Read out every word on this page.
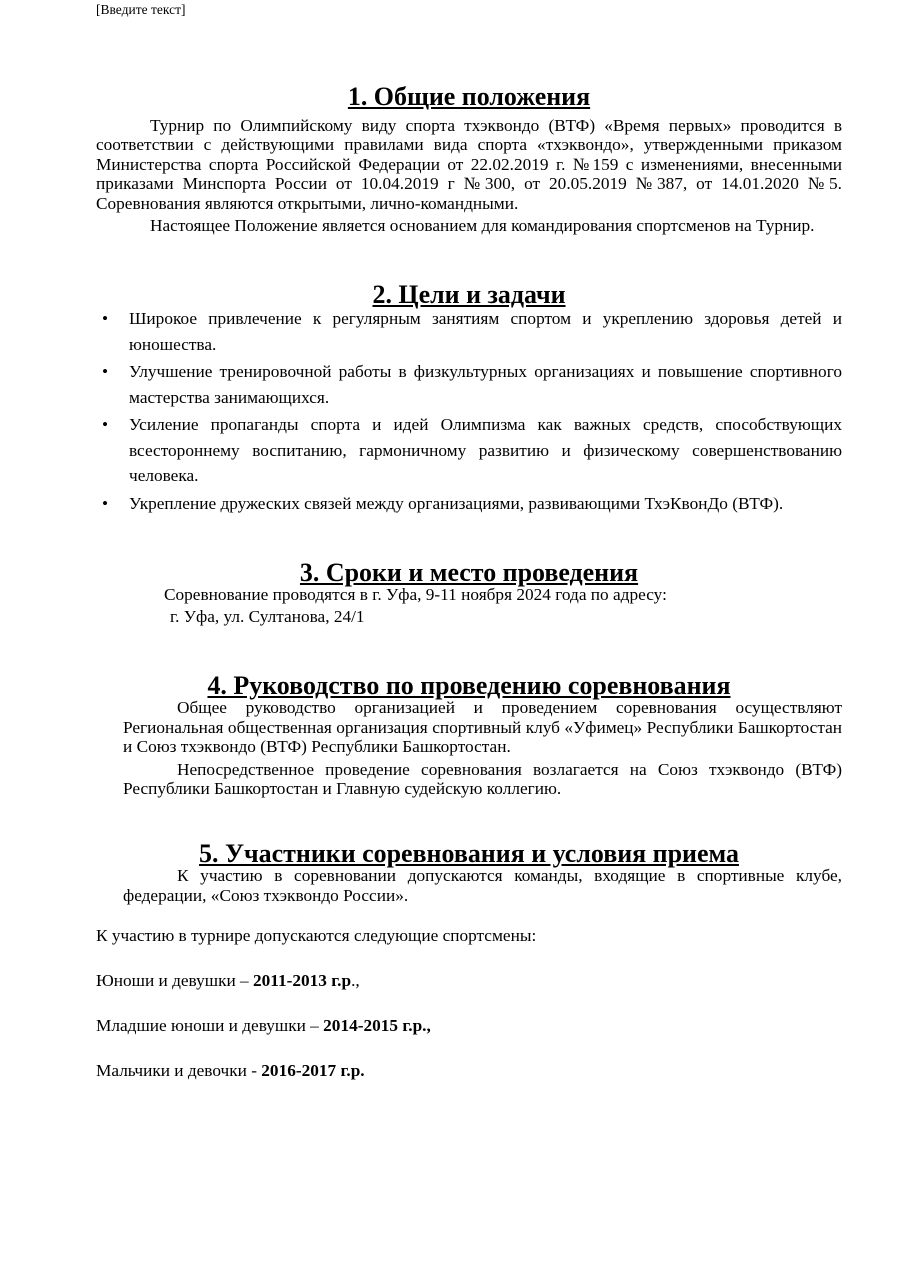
[Введите текст]
1. Общие положения

Турнир по Олимпийскому виду спорта тхэквондо (ВТФ) «Время первых» проводится в соответствии с действующими правилами вида спорта «тхэквондо», утвержденными приказом Министерства спорта Российской Федерации от 22.02.2019 г. №159 с изменениями, внесенными приказами Минспорта России от 10.04.2019 г №300, от 20.05.2019 №387, от 14.01.2020 №5. Соревнования являются открытыми, лично-командными.

Настоящее Положение является основанием для командирования спортсменов на Турнир.

2. Цели и задачи
• Широкое привлечение к регулярным занятиям спортом и укреплению здоровья детей и юношества.
• Улучшение тренировочной работы в физкультурных организациях и повышение спортивного мастерства занимающихся.
• Усиление пропаганды спорта и идей Олимпизма как важных средств, способствующих всестороннему воспитанию, гармоничному развитию и физическому совершенствованию человека.
• Укрепление дружеских связей между организациями, развивающими ТхэКвонДо (ВТФ).
3. Сроки и место проведения

Соревнование проводятся в г. Уфа, 9-11 ноября 2024 года по адресу:

г. Уфа, ул. Султанова, 24/1

4. Руководство по проведению соревнования

Общее руководство организацией и проведением соревнования осуществляют Региональная общественная организация спортивный клуб «Уфимец» Республики Башкортостан и Союз тхэквондо (ВТФ) Республики Башкортостан.

Непосредственное проведение соревнования возлагается на Союз тхэквондо (ВТФ) Республики Башкортостан и Главную судейскую коллегию.

5. Участники соревнования и условия приема

К участию в соревновании допускаются команды, входящие в спортивные клубе, федерации, «Союз тхэквондо России».

К участию в турнире допускаются следующие спортсмены:

Юноши и девушки – 2011-2013 г.р.,

Младшие юноши и девушки – 2014-2015 г.р.,

Мальчики и девочки - 2016-2017 г.р.
